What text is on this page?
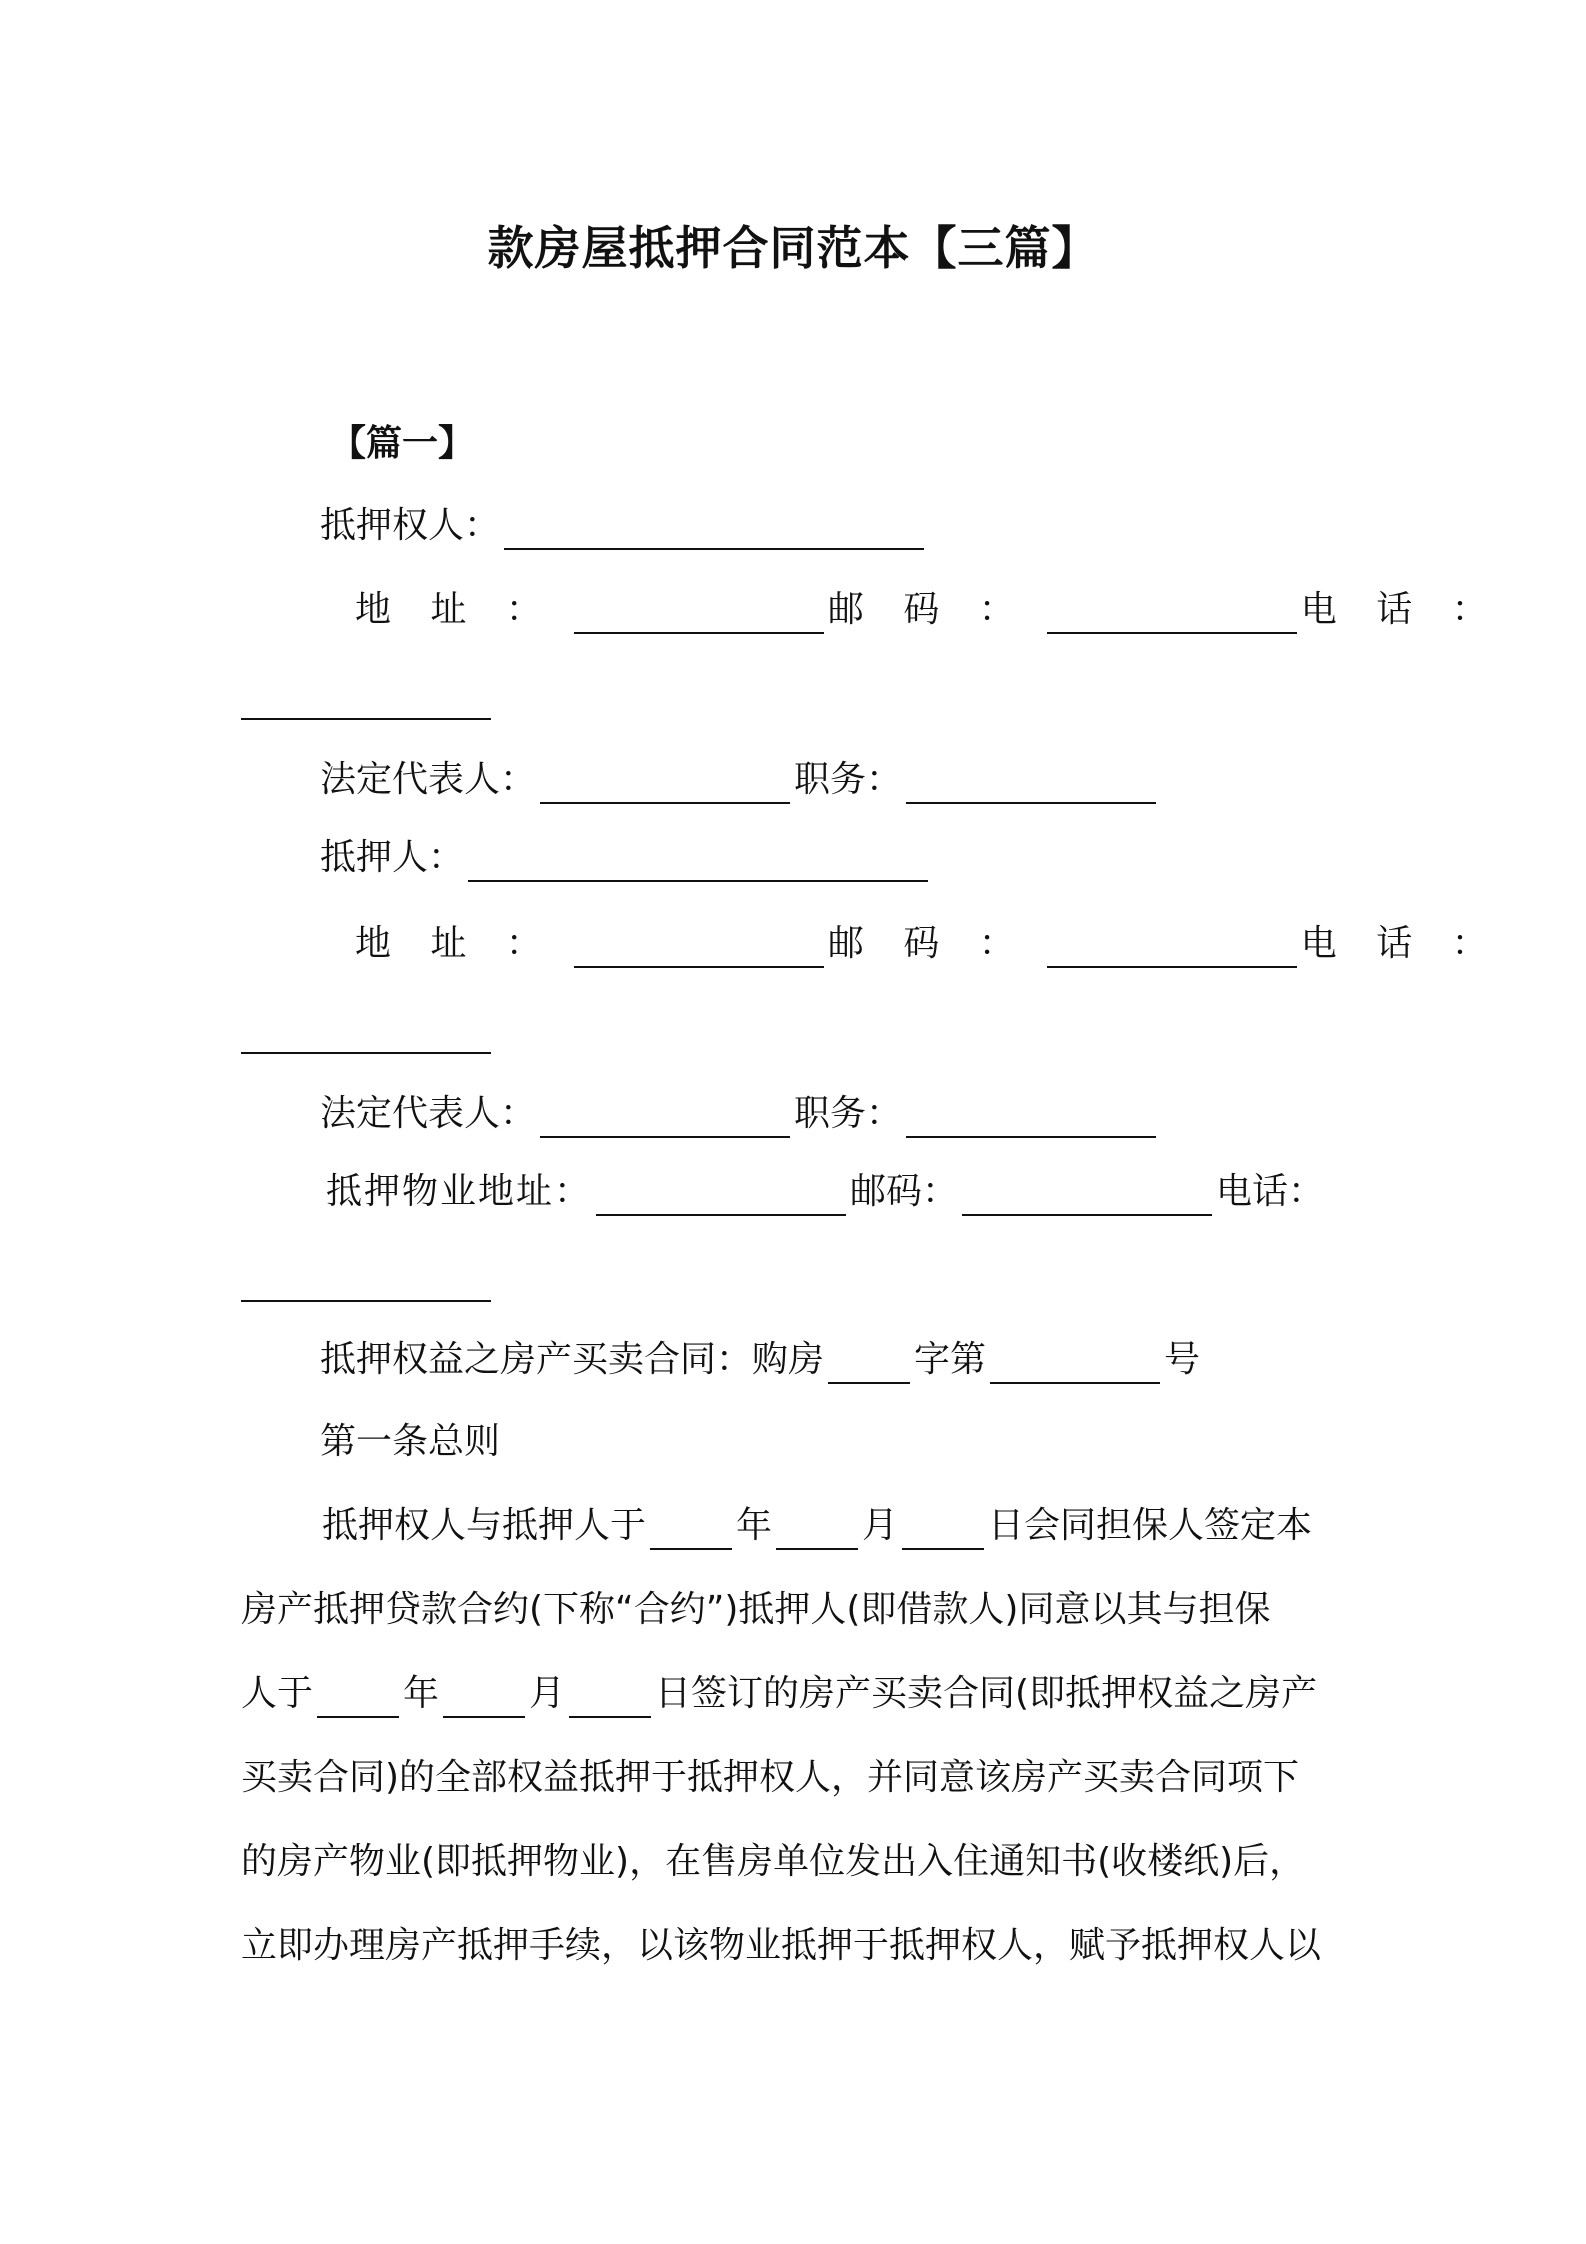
款房屋抵押合同范本【三篇】
【篇一】
抵押权人：
地 址 ：	邮 码 ：	电 话 ：
法定代表人：	职务：
抵押人：
地 址 ：	邮 码 ：	电 话 ：
法定代表人：	职务：
抵押物业地址：	邮码：	电话：
抵押权益之房产买卖合同：购房	字第	号
第一条总则
抵押权人与抵押人于	年	月	日会同担保人签定本
房产抵押贷款合约(下称“合约”)抵押人(即借款人)同意以其与担保
人于	年	月	日签订的房产买卖合同(即抵押权益之房产
买卖合同)的全部权益抵押于抵押权人，并同意该房产买卖合同项下
的房产物业(即抵押物业)，在售房单位发出入住通知书(收楼纸)后，
立即办理房产抵押手续，以该物业抵押于抵押权人，赋予抵押权人以
